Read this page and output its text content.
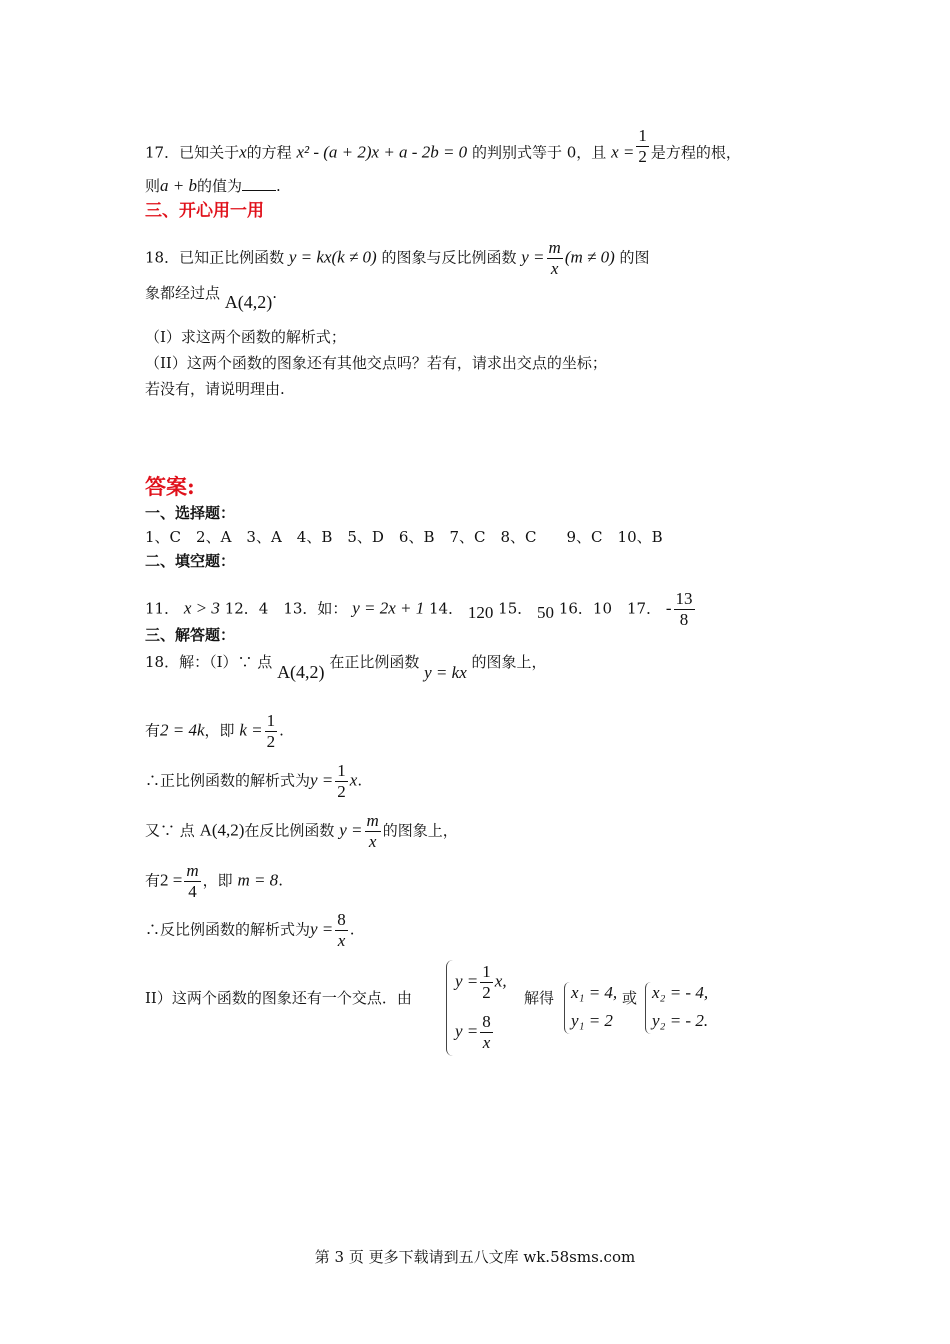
17．已知关于x的方程 x² - (a + 2)x + a - 2b = 0 的判别式等于 0，且 $x = \frac{1}{2}$ 是方程的根，
则a + b的值为 .
三、开心用一用
18．已知正比例函数 y = kx(k ≠ 0) 的图象与反比例函数 $y = \frac{m}{x} (m \ne 0)$ 的图
象都经过点 A(4,2).
（I）求这两个函数的解析式；
（II）这两个函数的图象还有其他交点吗？若有，请求出交点的坐标；
若没有，请说明理由.
答案:
一、选择题：
1、C　2、A　3、A　4、B　5、D　6、B　7、C　8、C　　9、C　10、B
二、填空题：
11． x > 3 12．4　13．如： y = 2x + 1 14． 120 15． 50 16．10　17． - $\frac{13}{8}$
三、解答题：
18．解：（I）∵ 点 A(4,2) 在正比例函数 y = kx 的图象上，
有2 = 4k，即 $k = \frac{1}{2}$ .
∴正比例函数的解析式为$y = \frac{1}{2} x$.
又∵ 点 A(4,2)在反比例函数 $y = \frac{m}{x}$ 的图象上，
有$2 = \frac{m}{4}$ ，即 m = 8.
∴反比例函数的解析式为$y = \frac{8}{x}$ .
II）这两个函数的图象还有一个交点．由
$y = \frac{1}{2} x$,
$y = \frac{8}{x}$
解得 x₁ = 4,
y₁ = 2
或 x₂ = - 4,
y₂ = - 2.
第 3 页 更多下载请到五八文库 wk.58sms.com
